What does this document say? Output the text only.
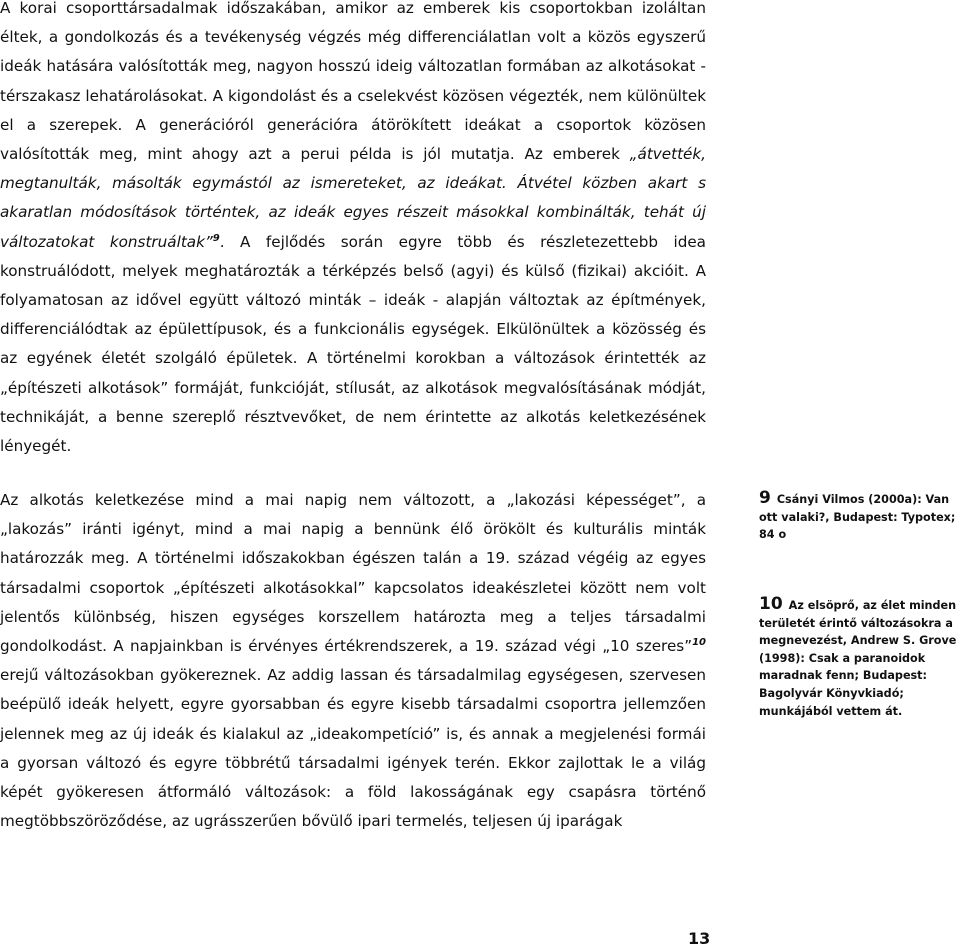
A korai csoporttársadalmak időszakában, amikor az emberek kis csoportokban izoláltan éltek, a gondolkozás és a tevékenység végzés még differenciálatlan volt a közös egyszerű ideák hatására valósították meg, nagyon hosszú ideig változatlan formában az alkotásokat - térszakasz lehatárolásokat. A kigondolást és a cselekvést közösen végezték, nem különültek el a szerepek. A generációról generációra átörökített ideákat a csoportok közösen valósították meg, mint ahogy azt a perui példa is jól mutatja. Az emberek „átvették, megtanulták, másolták egymástól az ismereteket, az ideákat. Átvétel közben akart s akaratlan módosítások történtek, az ideák egyes részeit másokkal kombinálták, tehát új változatokat konstruáltak”$^9$. A fejlődés során egyre több és részletezettebb idea konstruálódott, melyek meghatározták a térképzés belső (agyi) és külső (fizikai) akcióit. A folyamatosan az idővel együtt változó minták – ideák - alapján változtak az építmények, differenciálódtak az épülettípusok, és a funkcionális egységek. Elkülönültek a közösség és az egyének életét szolgáló épületek. A történelmi korokban a változások érintették az „építészeti alkotások” formáját, funkcióját, stílusát, az alkotások megvalósításának módját, technikáját, a benne szereplő résztvevőket, de nem érintette az alkotás keletkezésének lényegét.

Az alkotás keletkezése mind a mai napig nem változott, a „lakozási képességet”, a „lakozás” iránti igényt, mind a mai napig a bennünk élő örökölt és kulturális minták határozzák meg. A történelmi időszakokban égészen talán a 19. század végéig az egyes társadalmi csoportok „építészeti alkotásokkal” kapcsolatos ideakészletei között nem volt jelentős különbség, hiszen egységes korszellem határozta meg a teljes társadalmi gondolkodást. A napjainkban is érvényes értékrendszerek, a 19. század végi „10 szeres”$^{10}$ erejű változásokban gyökereznek. Az addig lassan és társadalmilag egységesen, szervesen beépülő ideák helyett, egyre gyorsabban és egyre kisebb társadalmi csoportra jellemzően jelennek meg az új ideák és kialakul az „ideakompetíció” is, és annak a megjelenési formái a gyorsan változó és egyre többrétű társadalmi igények terén. Ekkor zajlottak le a világ képét gyökeresen átformáló változások: a föld lakosságának egy csapásra történő megtöbbszöröződése, az ugrásszerűen bővülő ipari termelés, teljesen új iparágak

9 Csányi Vilmos (2000a): Van ott valaki?, Budapest: Typotex; 84 o
10 Az elsöprő, az élet minden területét érintő változásokra a megnevezést, Andrew S. Grove (1998): Csak a paranoidok maradnak fenn; Budapest: Bagolyvár Könyvkiadó; munkájából vettem át.
13
